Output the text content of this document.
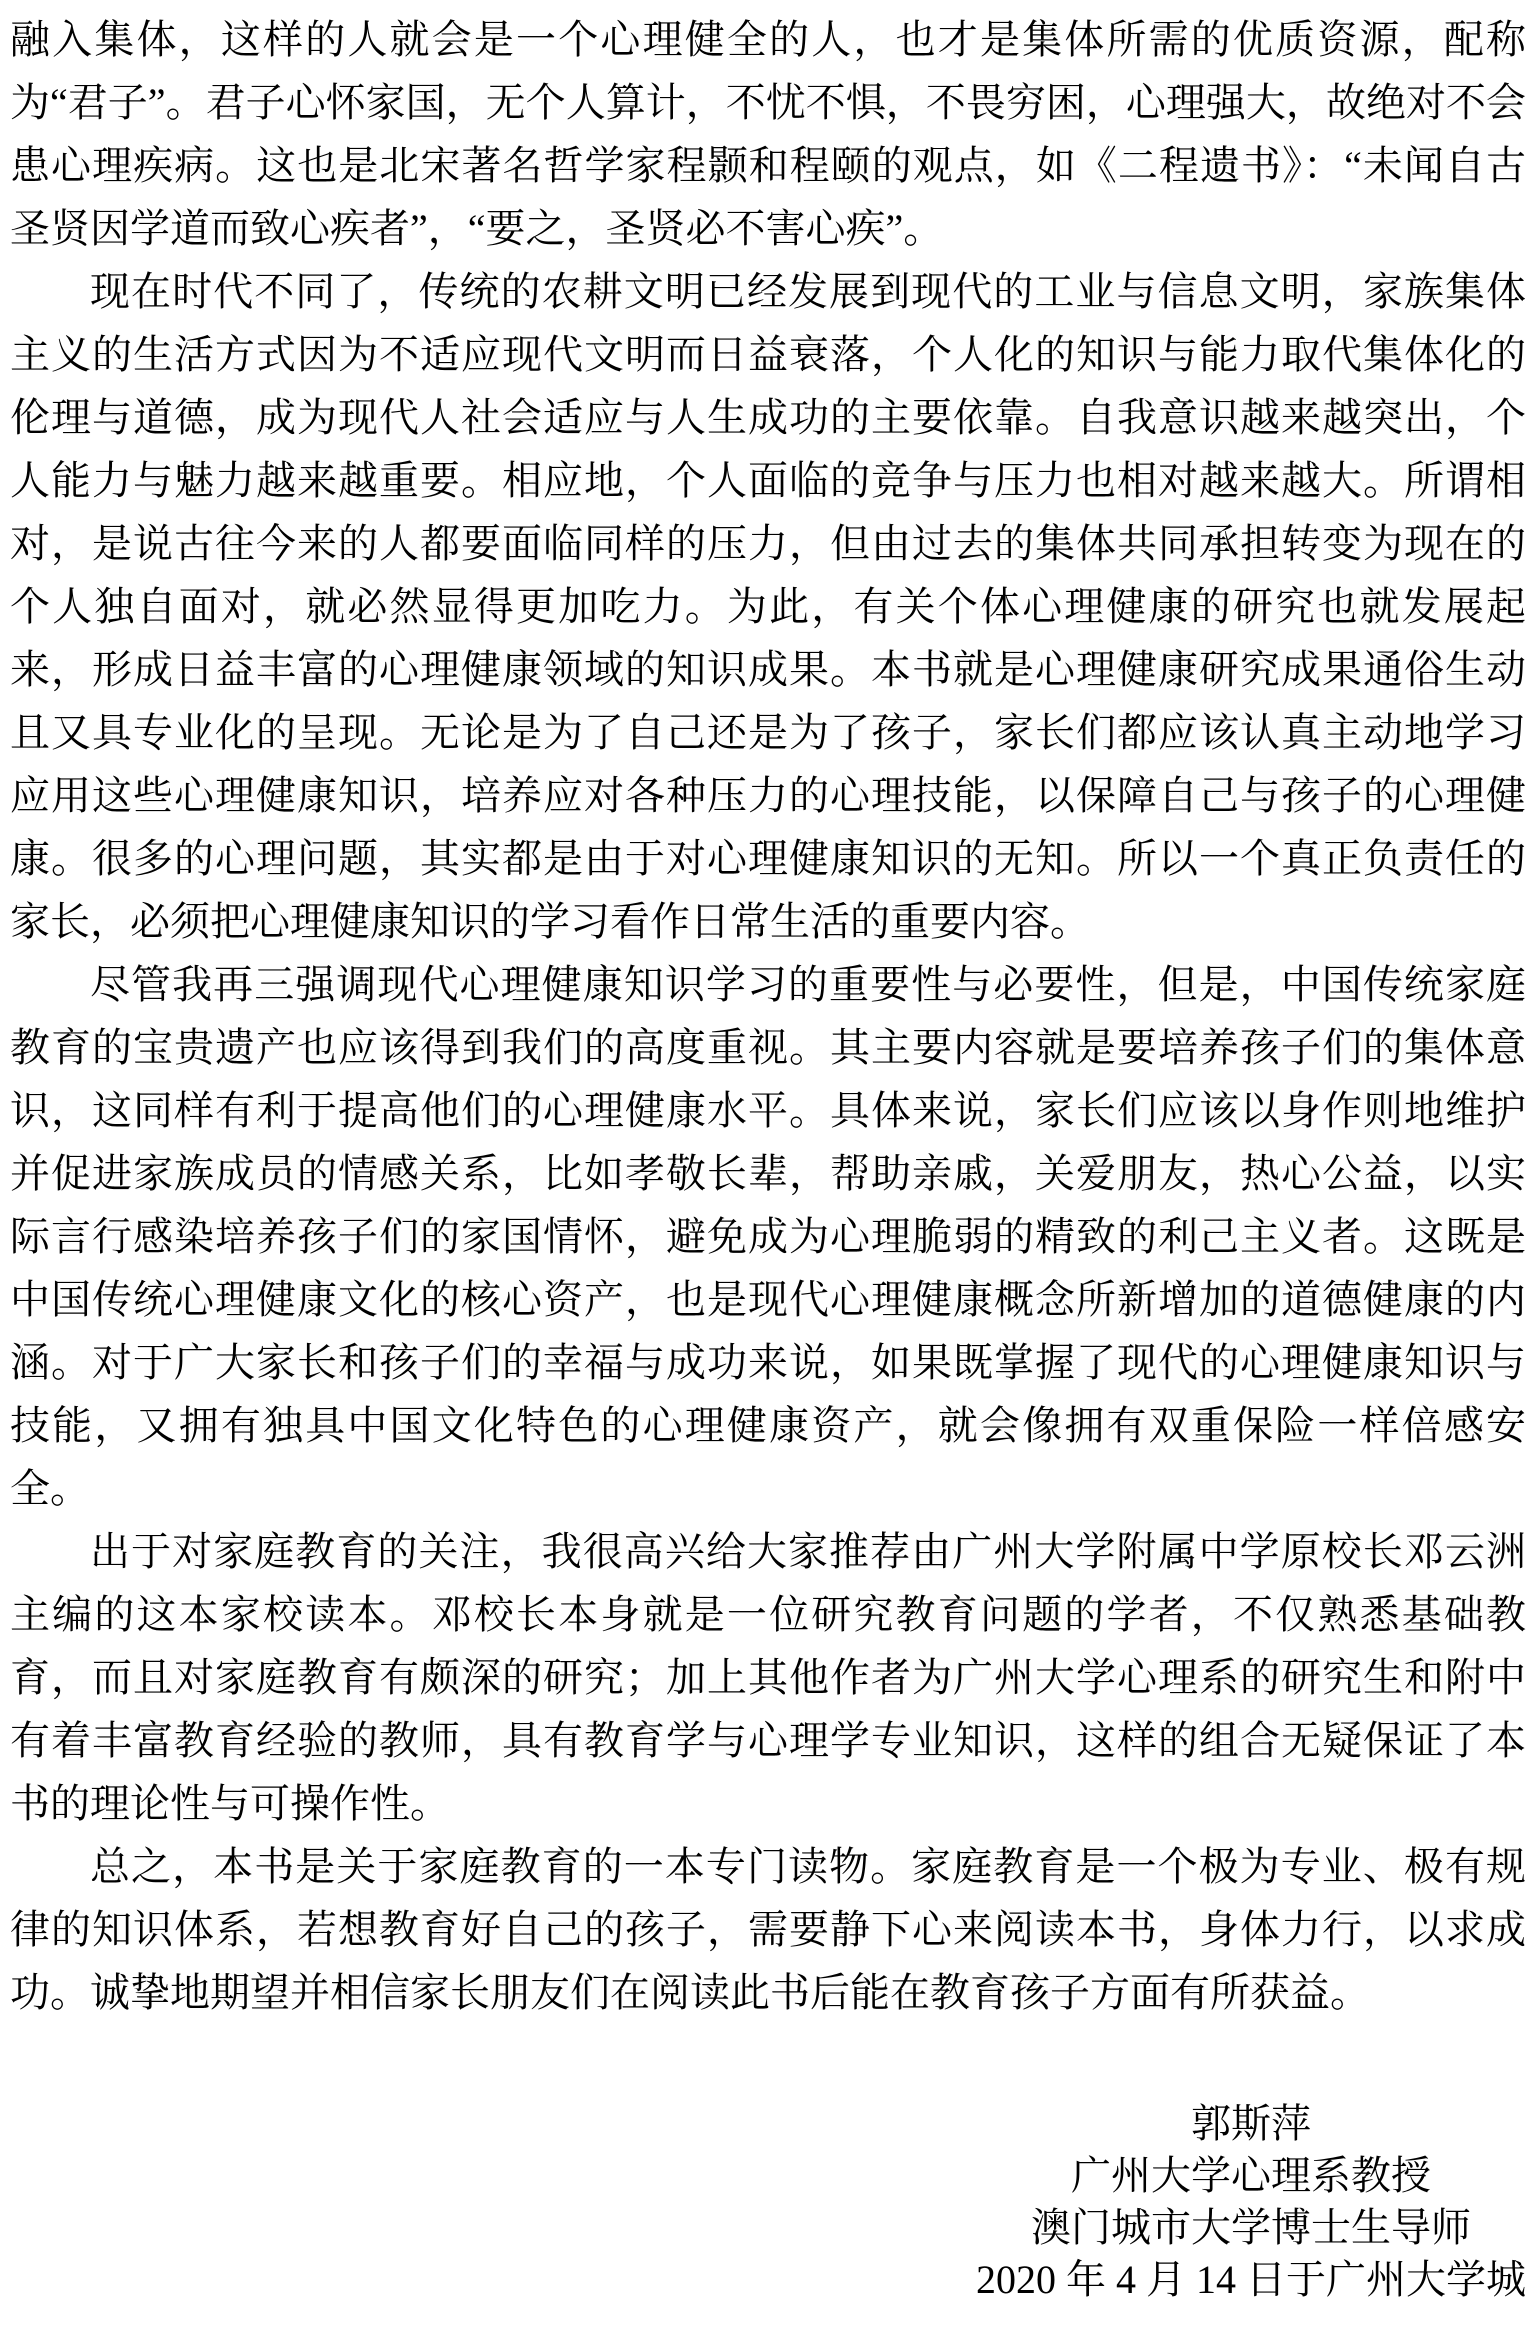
融入集体，这样的人就会是一个心理健全的人，也才是集体所需的优质资源，配称为“君子”。君子心怀家国，无个人算计，不忧不惧，不畏穷困，心理强大，故绝对不会患心理疾病。这也是北宋著名哲学家程颢和程颐的观点，如《二程遗书》：“未闻自古圣贤因学道而致心疾者”，“要之，圣贤必不害心疾”。

现在时代不同了，传统的农耕文明已经发展到现代的工业与信息文明，家族集体主义的生活方式因为不适应现代文明而日益衰落，个人化的知识与能力取代集体化的伦理与道德，成为现代人社会适应与人生成功的主要依靠。自我意识越来越突出，个人能力与魅力越来越重要。相应地，个人面临的竞争与压力也相对越来越大。所谓相对，是说古往今来的人都要面临同样的压力，但由过去的集体共同承担转变为现在的个人独自面对，就必然显得更加吃力。为此，有关个体心理健康的研究也就发展起来，形成日益丰富的心理健康领域的知识成果。本书就是心理健康研究成果通俗生动且又具专业化的呈现。无论是为了自己还是为了孩子，家长们都应该认真主动地学习应用这些心理健康知识，培养应对各种压力的心理技能，以保障自己与孩子的心理健康。很多的心理问题，其实都是由于对心理健康知识的无知。所以一个真正负责任的家长，必须把心理健康知识的学习看作日常生活的重要内容。

尽管我再三强调现代心理健康知识学习的重要性与必要性，但是，中国传统家庭教育的宝贵遗产也应该得到我们的高度重视。其主要内容就是要培养孩子们的集体意识，这同样有利于提高他们的心理健康水平。具体来说，家长们应该以身作则地维护并促进家族成员的情感关系，比如孝敬长辈，帮助亲戚，关爱朋友，热心公益，以实际言行感染培养孩子们的家国情怀，避免成为心理脆弱的精致的利己主义者。这既是中国传统心理健康文化的核心资产，也是现代心理健康概念所新增加的道德健康的内涵。对于广大家长和孩子们的幸福与成功来说，如果既掌握了现代的心理健康知识与技能，又拥有独具中国文化特色的心理健康资产，就会像拥有双重保险一样倍感安全。

出于对家庭教育的关注，我很高兴给大家推荐由广州大学附属中学原校长邓云洲主编的这本家校读本。邓校长本身就是一位研究教育问题的学者，不仅熟悉基础教育，而且对家庭教育有颇深的研究；加上其他作者为广州大学心理系的研究生和附中有着丰富教育经验的教师，具有教育学与心理学专业知识，这样的组合无疑保证了本书的理论性与可操作性。

总之，本书是关于家庭教育的一本专门读物。家庭教育是一个极为专业、极有规律的知识体系，若想教育好自己的孩子，需要静下心来阅读本书，身体力行，以求成功。诚挚地期望并相信家长朋友们在阅读此书后能在教育孩子方面有所获益。

郭斯萍
广州大学心理系教授
澳门城市大学博士生导师
2020 年 4 月 14 日于广州大学城
